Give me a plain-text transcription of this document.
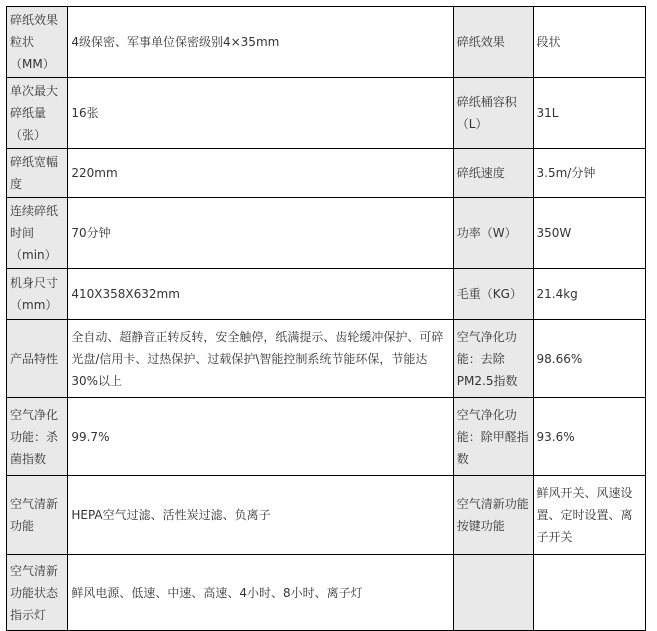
碎纸效果粒状（MM）	4级保密、军事单位保密级别4×35mm	碎纸效果	段状
单次最大碎纸量（张）	16张	碎纸桶容积（L）	31L
碎纸宽幅度	220mm	碎纸速度	3.5m/分钟
连续碎纸时间（min）	70分钟	功率（W）	350W
机身尺寸（mm）	410X358X632mm	毛重（KG）	21.4kg
产品特性	全自动、超静音正转反转，安全触停，纸满提示、齿轮缓冲保护、可碎光盘/信用卡、过热保护、过载保护\智能控制系统节能环保，节能达30%以上	空气净化功能：去除PM2.5指数	98.66%
空气净化功能：杀菌指数	99.7%	空气净化功能：除甲醛指数	93.6%
空气清新功能	HEPA空气过滤、活性炭过滤、负离子	空气清新功能按键功能	鲜风开关、风速设置、定时设置、离子开关
空气清新功能状态指示灯	鲜风电源、低速、中速、高速、4小时、8小时、离子灯		
